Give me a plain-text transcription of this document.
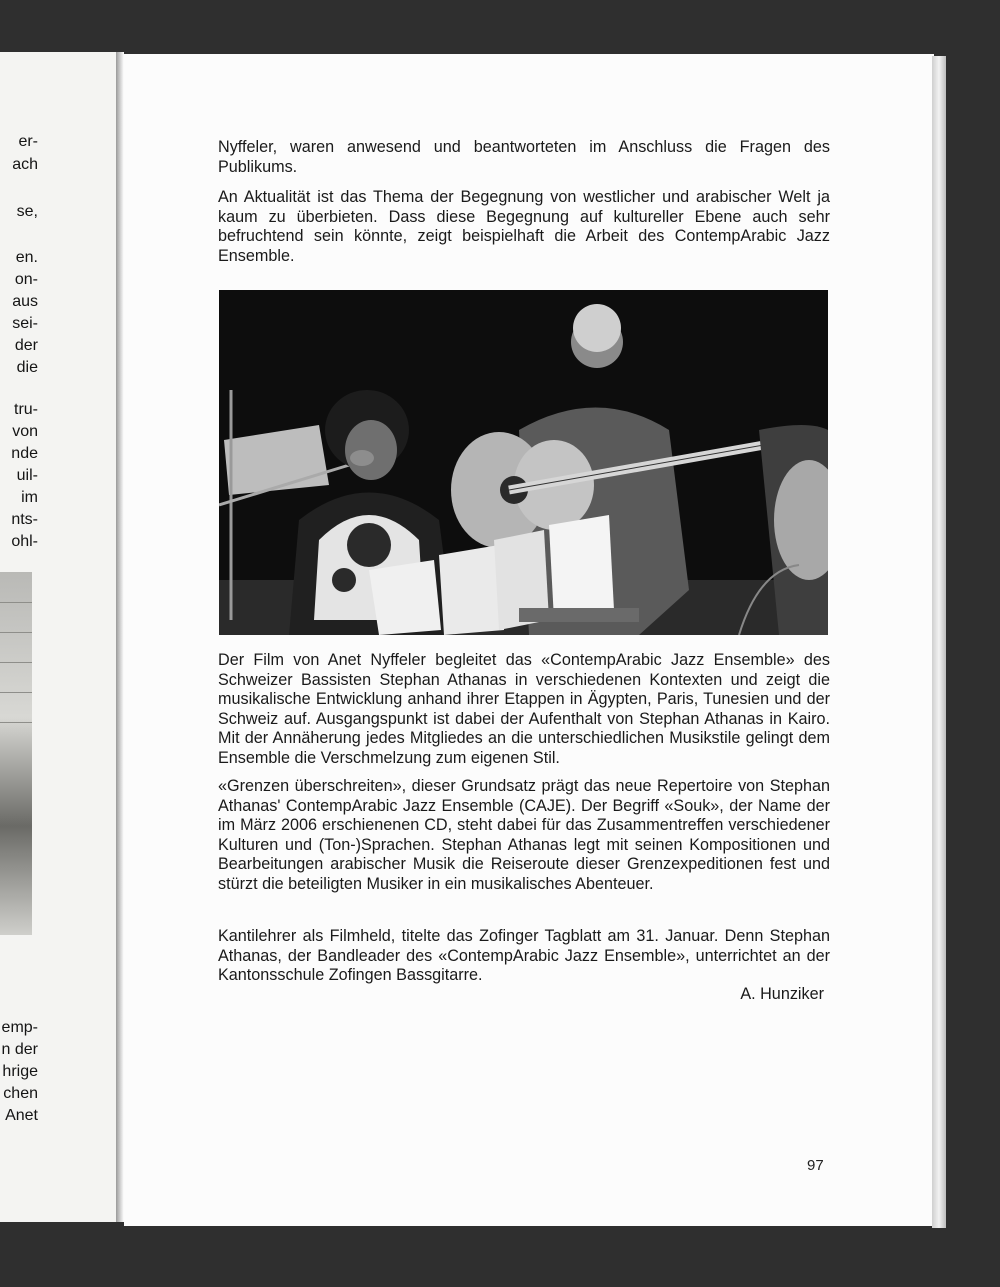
er-
ach
se,
en.
on-
aus
sei-
der
die
tru-
von
nde
uil-
im
nts-
ohl-
emp-
n der
hrige
chen
Anet

Nyffeler, waren anwesend und beantworteten im Anschluss die Fragen des Publikums.

An Aktualität ist das Thema der Begegnung von westlicher und arabischer Welt ja kaum zu überbieten. Dass diese Begegnung auf kultureller Ebene auch sehr befruchtend sein könnte, zeigt beispielhaft die Arbeit des ContempArabic Jazz Ensemble.

Der Film von Anet Nyffeler begleitet das «ContempArabic Jazz Ensemble» des Schweizer Bassisten Stephan Athanas in verschiedenen Kontexten und zeigt die musikalische Entwicklung anhand ihrer Etappen in Ägypten, Paris, Tunesien und der Schweiz auf. Ausgangspunkt ist dabei der Aufenthalt von Stephan Athanas in Kairo. Mit der Annäherung jedes Mitgliedes an die unterschiedlichen Musikstile gelingt dem Ensemble die Verschmelzung zum eigenen Stil.

«Grenzen überschreiten», dieser Grundsatz prägt das neue Repertoire von Stephan Athanas' ContempArabic Jazz Ensemble (CAJE). Der Begriff «Souk», der Name der im März 2006 erschienenen CD, steht dabei für das Zusammentreffen verschiedener Kulturen und (Ton-)Sprachen. Stephan Athanas legt mit seinen Kompositionen und Bearbeitungen arabischer Musik die Reiseroute dieser Grenzexpeditionen fest und stürzt die beteiligten Musiker in ein musikalisches Abenteuer.

Kantilehrer als Filmheld, titelte das Zofinger Tagblatt am 31. Januar. Denn Stephan Athanas, der Bandleader des «ContempArabic Jazz Ensemble», unterrichtet an der Kantonsschule Zofingen Bassgitarre.

A. Hunziker
97
